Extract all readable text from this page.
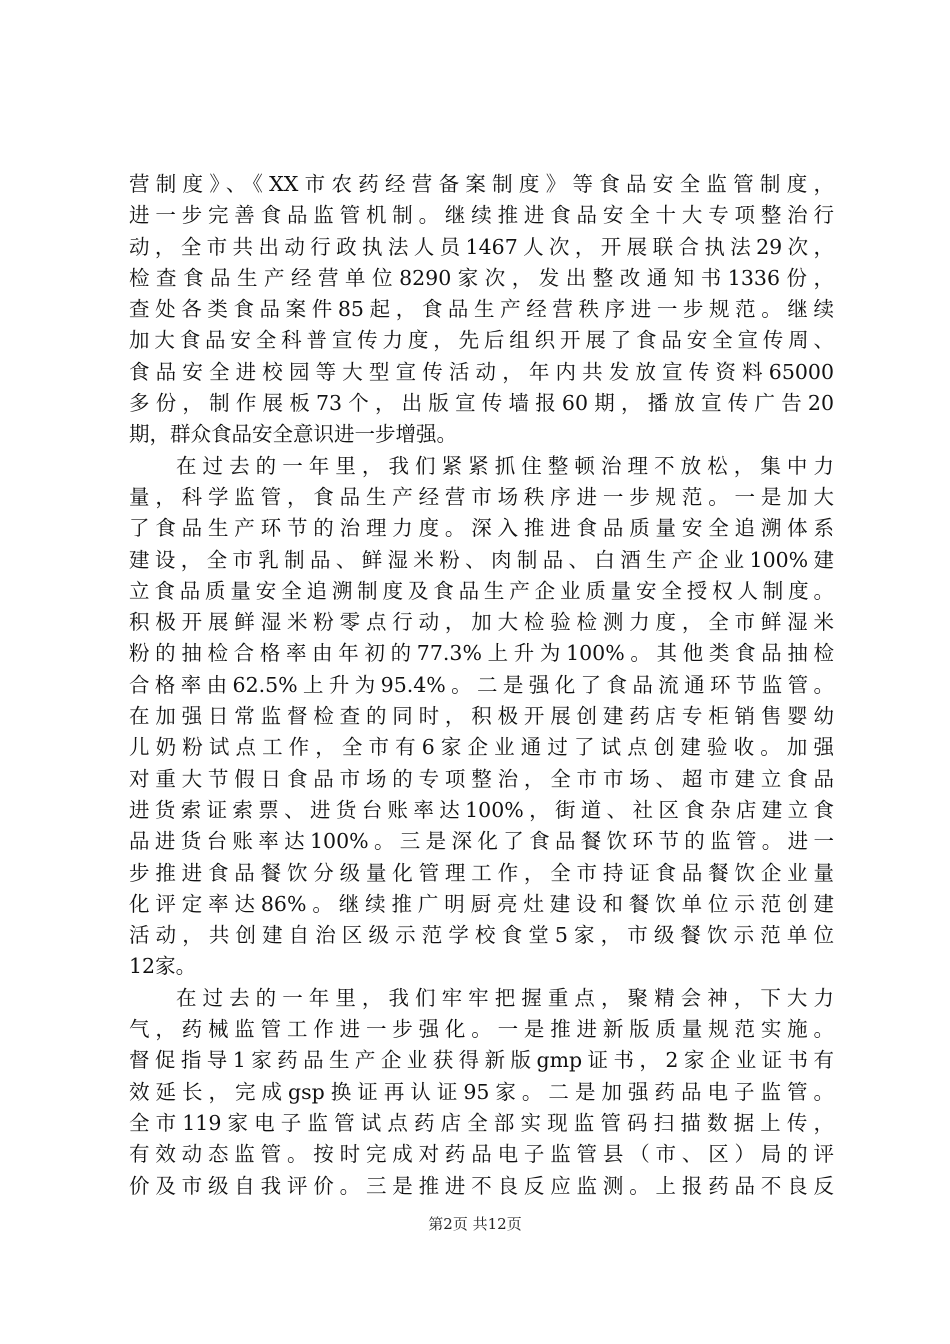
营制度》、《XX市农药经营备案制度》等食品安全监管制度，
进一步完善食品监管机制。继续推进食品安全十大专项整治行
动，全市共出动行政执法人员1467人次，开展联合执法29次，
检查食品生产经营单位8290家次，发出整改通知书1336份，
查处各类食品案件85起，食品生产经营秩序进一步规范。继续
加大食品安全科普宣传力度，先后组织开展了食品安全宣传周、
食品安全进校园等大型宣传活动，年内共发放宣传资料65000
多份，制作展板73个，出版宣传墙报60期，播放宣传广告20
期，群众食品安全意识进一步增强。
在过去的一年里，我们紧紧抓住整顿治理不放松，集中力
量，科学监管，食品生产经营市场秩序进一步规范。一是加大
了食品生产环节的治理力度。深入推进食品质量安全追溯体系
建设，全市乳制品、鲜湿米粉、肉制品、白酒生产企业100%建
立食品质量安全追溯制度及食品生产企业质量安全授权人制度。
积极开展鲜湿米粉零点行动，加大检验检测力度，全市鲜湿米
粉的抽检合格率由年初的77.3%上升为100%。其他类食品抽检
合格率由62.5%上升为95.4%。二是强化了食品流通环节监管。
在加强日常监督检查的同时，积极开展创建药店专柜销售婴幼
儿奶粉试点工作，全市有6家企业通过了试点创建验收。加强
对重大节假日食品市场的专项整治，全市市场、超市建立食品
进货索证索票、进货台账率达100%，街道、社区食杂店建立食
品进货台账率达100%。三是深化了食品餐饮环节的监管。进一
步推进食品餐饮分级量化管理工作，全市持证食品餐饮企业量
化评定率达86%。继续推广明厨亮灶建设和餐饮单位示范创建
活动，共创建自治区级示范学校食堂5家，市级餐饮示范单位
12家。
在过去的一年里，我们牢牢把握重点，聚精会神，下大力
气，药械监管工作进一步强化。一是推进新版质量规范实施。
督促指导1家药品生产企业获得新版gmp证书，2家企业证书有
效延长，完成gsp换证再认证95家。二是加强药品电子监管。
全市119家电子监管试点药店全部实现监管码扫描数据上传，
有效动态监管。按时完成对药品电子监管县（市、区）局的评
价及市级自我评价。三是推进不良反应监测。上报药品不良反
第2页 共12页
